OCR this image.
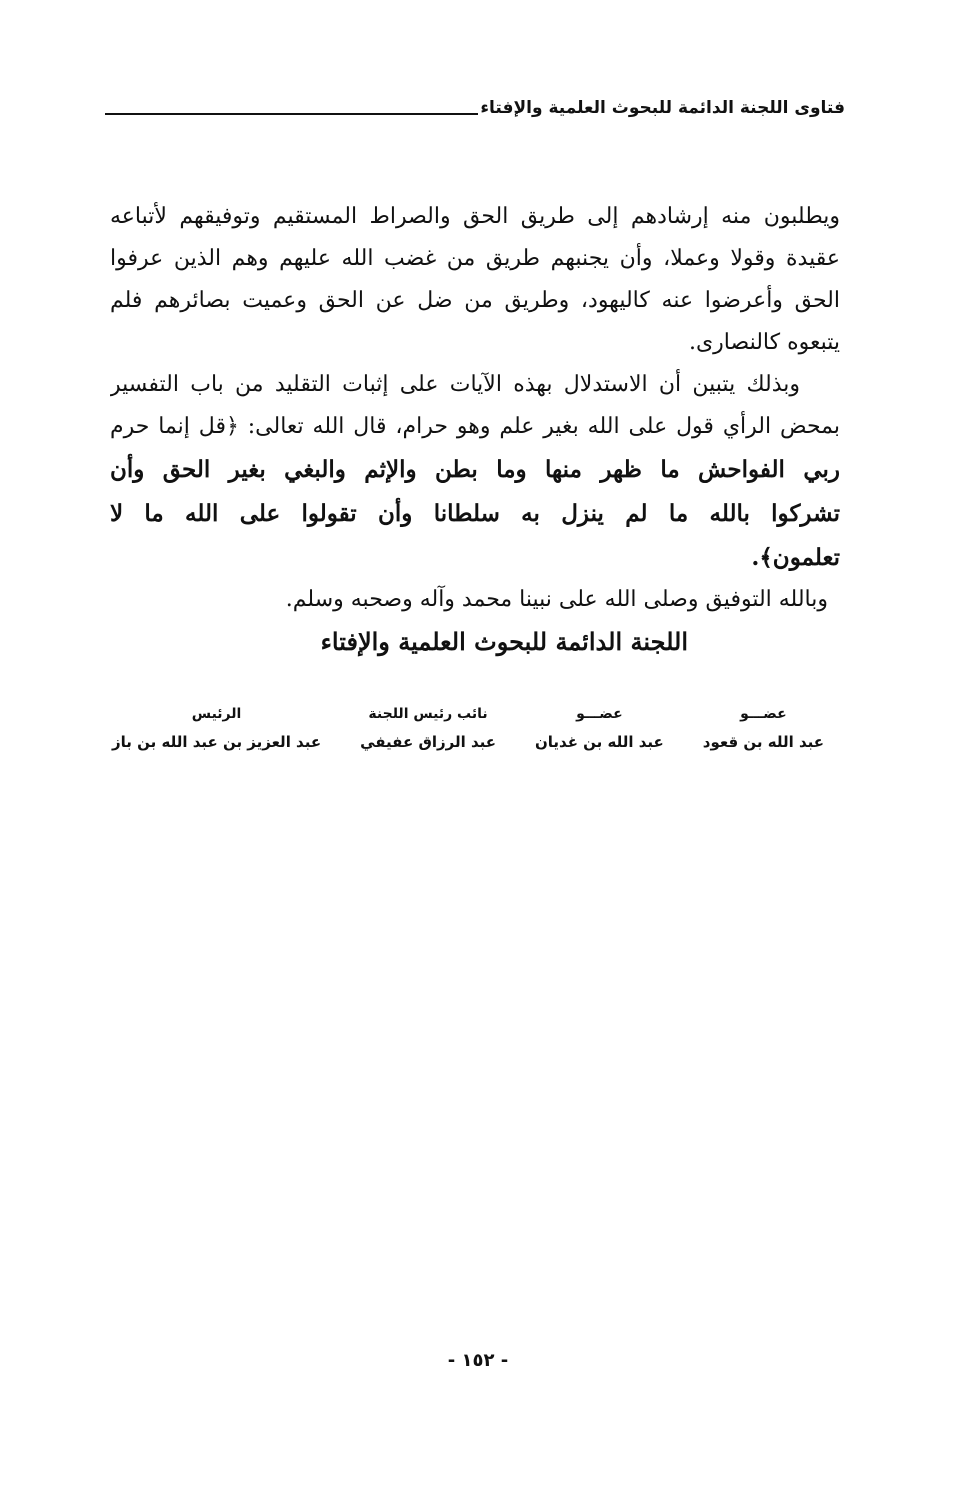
فتاوى اللجنة الدائمة للبحوث العلمية والإفتاء
ويطلبون منه إرشادهم إلى طريق الحق والصراط المستقيم وتوفيقهم لأتباعه
عقيدة وقولا وعملا، وأن يجنبهم طريق من غضب الله عليهم وهم الذين عرفوا
الحق وأعرضوا عنه كاليهود، وطريق من ضل عن الحق وعميت بصائرهم فلم
يتبعوه كالنصارى.
وبذلك يتبين أن الاستدلال بهذه الآيات على إثبات التقليد من باب التفسير
بمحض الرأي قول على الله بغير علم وهو حرام، قال الله تعالى: ﴿قل إنما حرم
ربي الفواحش ما ظهر منها وما بطن والإثم والبغي بغير الحق وأن
تشركوا بالله ما لم ينزل به سلطانا وأن تقولوا على الله ما لا
تعلمون﴾.
وبالله التوفيق وصلى الله على نبينا محمد وآله وصحبه وسلم.
اللجنة الدائمة للبحوث العلمية والإفتاء
عضـــو
عبد الله بن قعود
عضـــو
عبد الله بن غديان
نائب رئيس اللجنة
عبد الرزاق عفيفي
الرئيس
عبد العزيز بن عبد الله بن باز
- ١٥٢ -
